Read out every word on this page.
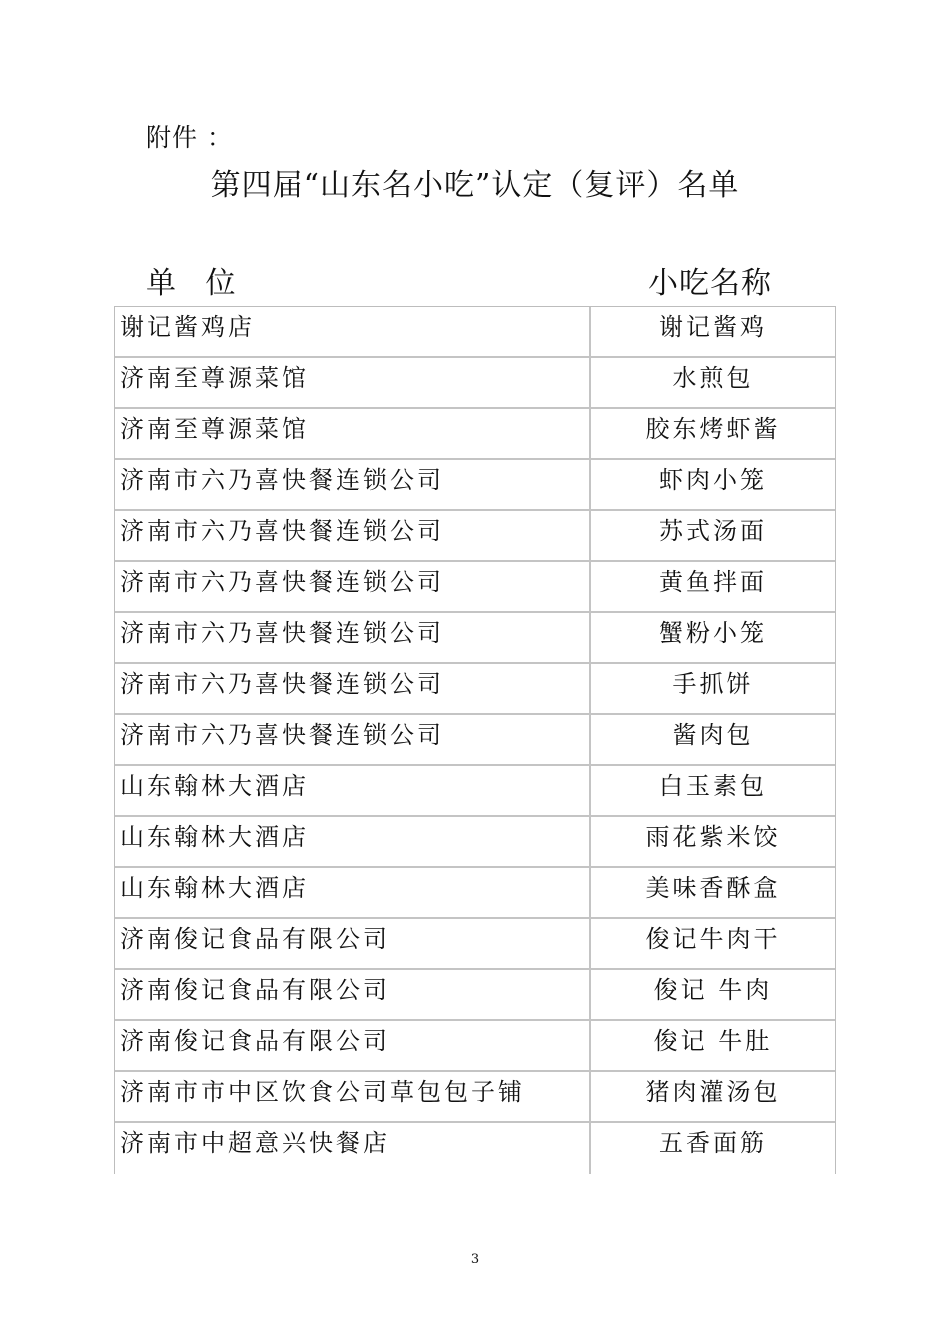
附件 ：
第四届“山东名小吃”认定（复评）名单
单 位	小吃名称
谢记酱鸡店	谢记酱鸡
济南至尊源菜馆	水煎包
济南至尊源菜馆	胶东烤虾酱
济南市六乃喜快餐连锁公司	虾肉小笼
济南市六乃喜快餐连锁公司	苏式汤面
济南市六乃喜快餐连锁公司	黄鱼拌面
济南市六乃喜快餐连锁公司	蟹粉小笼
济南市六乃喜快餐连锁公司	手抓饼
济南市六乃喜快餐连锁公司	酱肉包
山东翰林大酒店	白玉素包
山东翰林大酒店	雨花紫米饺
山东翰林大酒店	美味香酥盒
济南俊记食品有限公司	俊记牛肉干
济南俊记食品有限公司	俊记 牛肉
济南俊记食品有限公司	俊记 牛肚
济南市市中区饮食公司草包包子铺	猪肉灌汤包
济南市中超意兴快餐店	五香面筋
3
